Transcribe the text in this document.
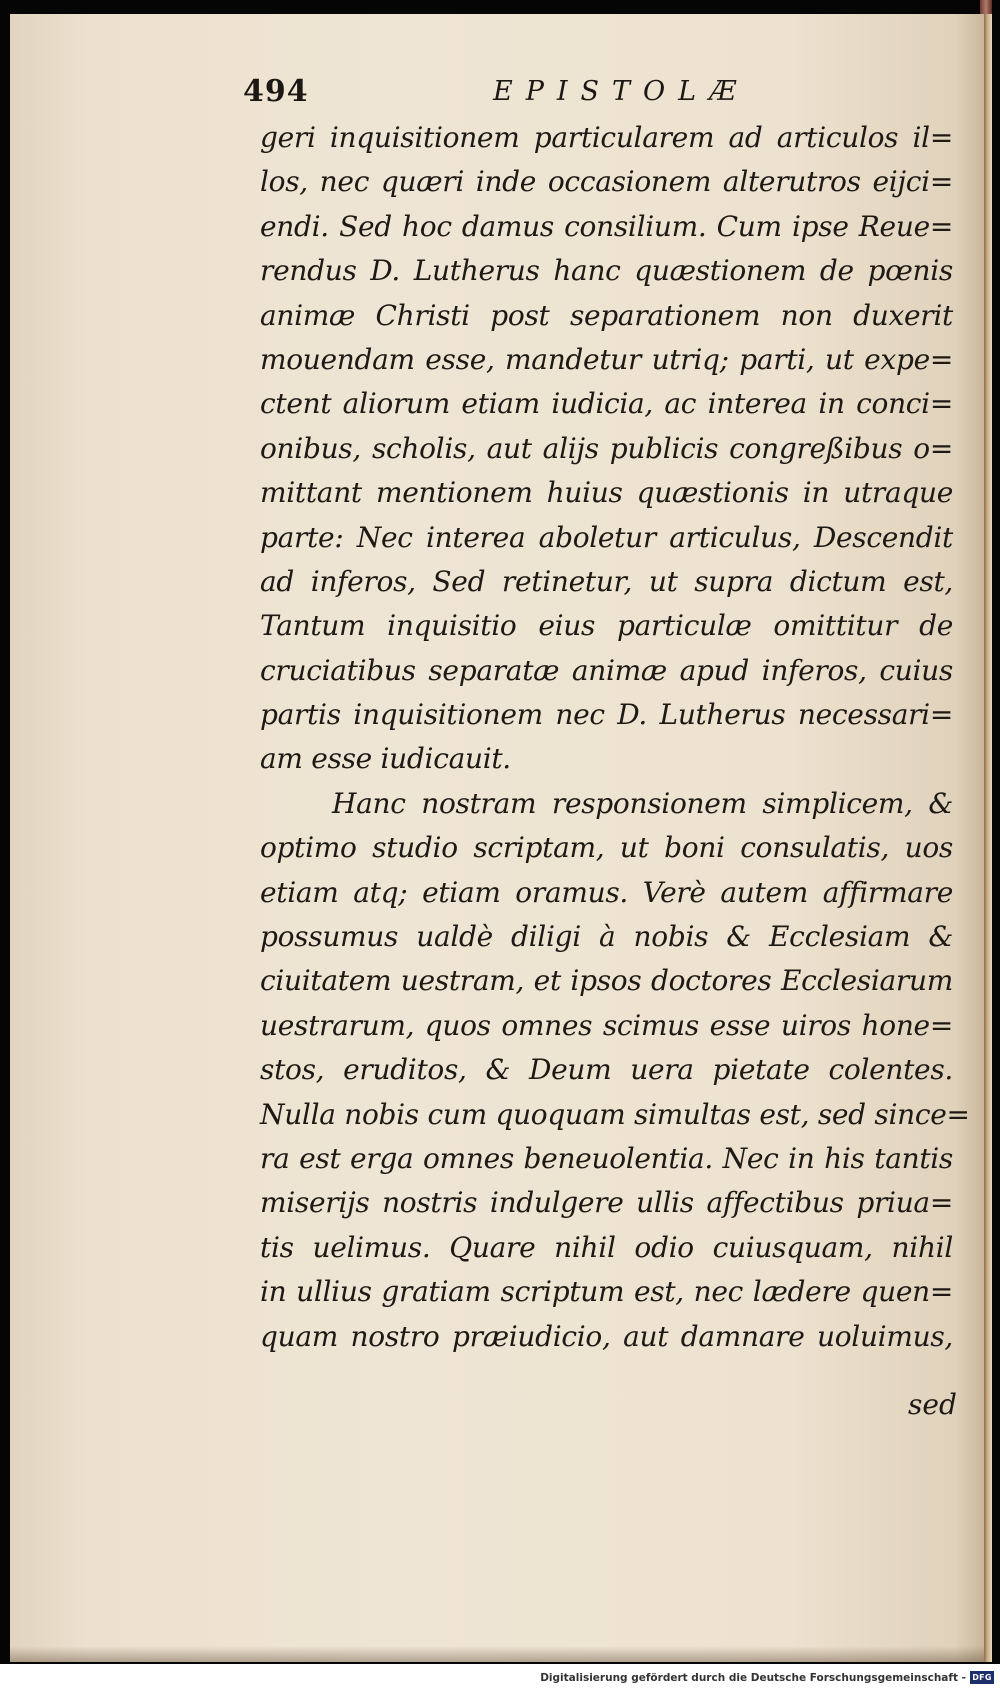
494	EPISTOLÆ
geri inquisitionem particularem ad articulos il=
los, nec quæri inde occasionem alterutros eijci=
endi. Sed hoc damus consilium. Cum ipse Reue=
rendus D. Lutherus hanc quæstionem de pœnis
animæ Christi post separationem non duxerit
mouendam esse, mandetur utriq; parti, ut expe=
ctent aliorum etiam iudicia, ac interea in conci=
onibus, scholis, aut alijs publicis congreßibus o=
mittant mentionem huius quæstionis in utraque
parte: Nec interea aboletur articulus, Descendit
ad inferos, Sed retinetur, ut supra dictum est,
Tantum inquisitio eius particulæ omittitur de
cruciatibus separatæ animæ apud inferos, cuius
partis inquisitionem nec D. Lutherus necessari=
am esse iudicauit.
Hanc nostram responsionem simplicem, &
optimo studio scriptam, ut boni consulatis, uos
etiam atq; etiam oramus. Verè autem affirmare
possumus ualdè diligi à nobis & Ecclesiam &
ciuitatem uestram, et ipsos doctores Ecclesiarum
uestrarum, quos omnes scimus esse uiros hone=
stos, eruditos, & Deum uera pietate colentes.
Nulla nobis cum quoquam simultas est, sed since=
ra est erga omnes beneuolentia. Nec in his tantis
miserijs nostris indulgere ullis affectibus priua=
tis uelimus. Quare nihil odio cuiusquam, nihil
in ullius gratiam scriptum est, nec lædere quen=
quam nostro præiudicio, aut damnare uoluimus,
sed
Digitalisierung gefördert durch die Deutsche Forschungsgemeinschaft - DFG
